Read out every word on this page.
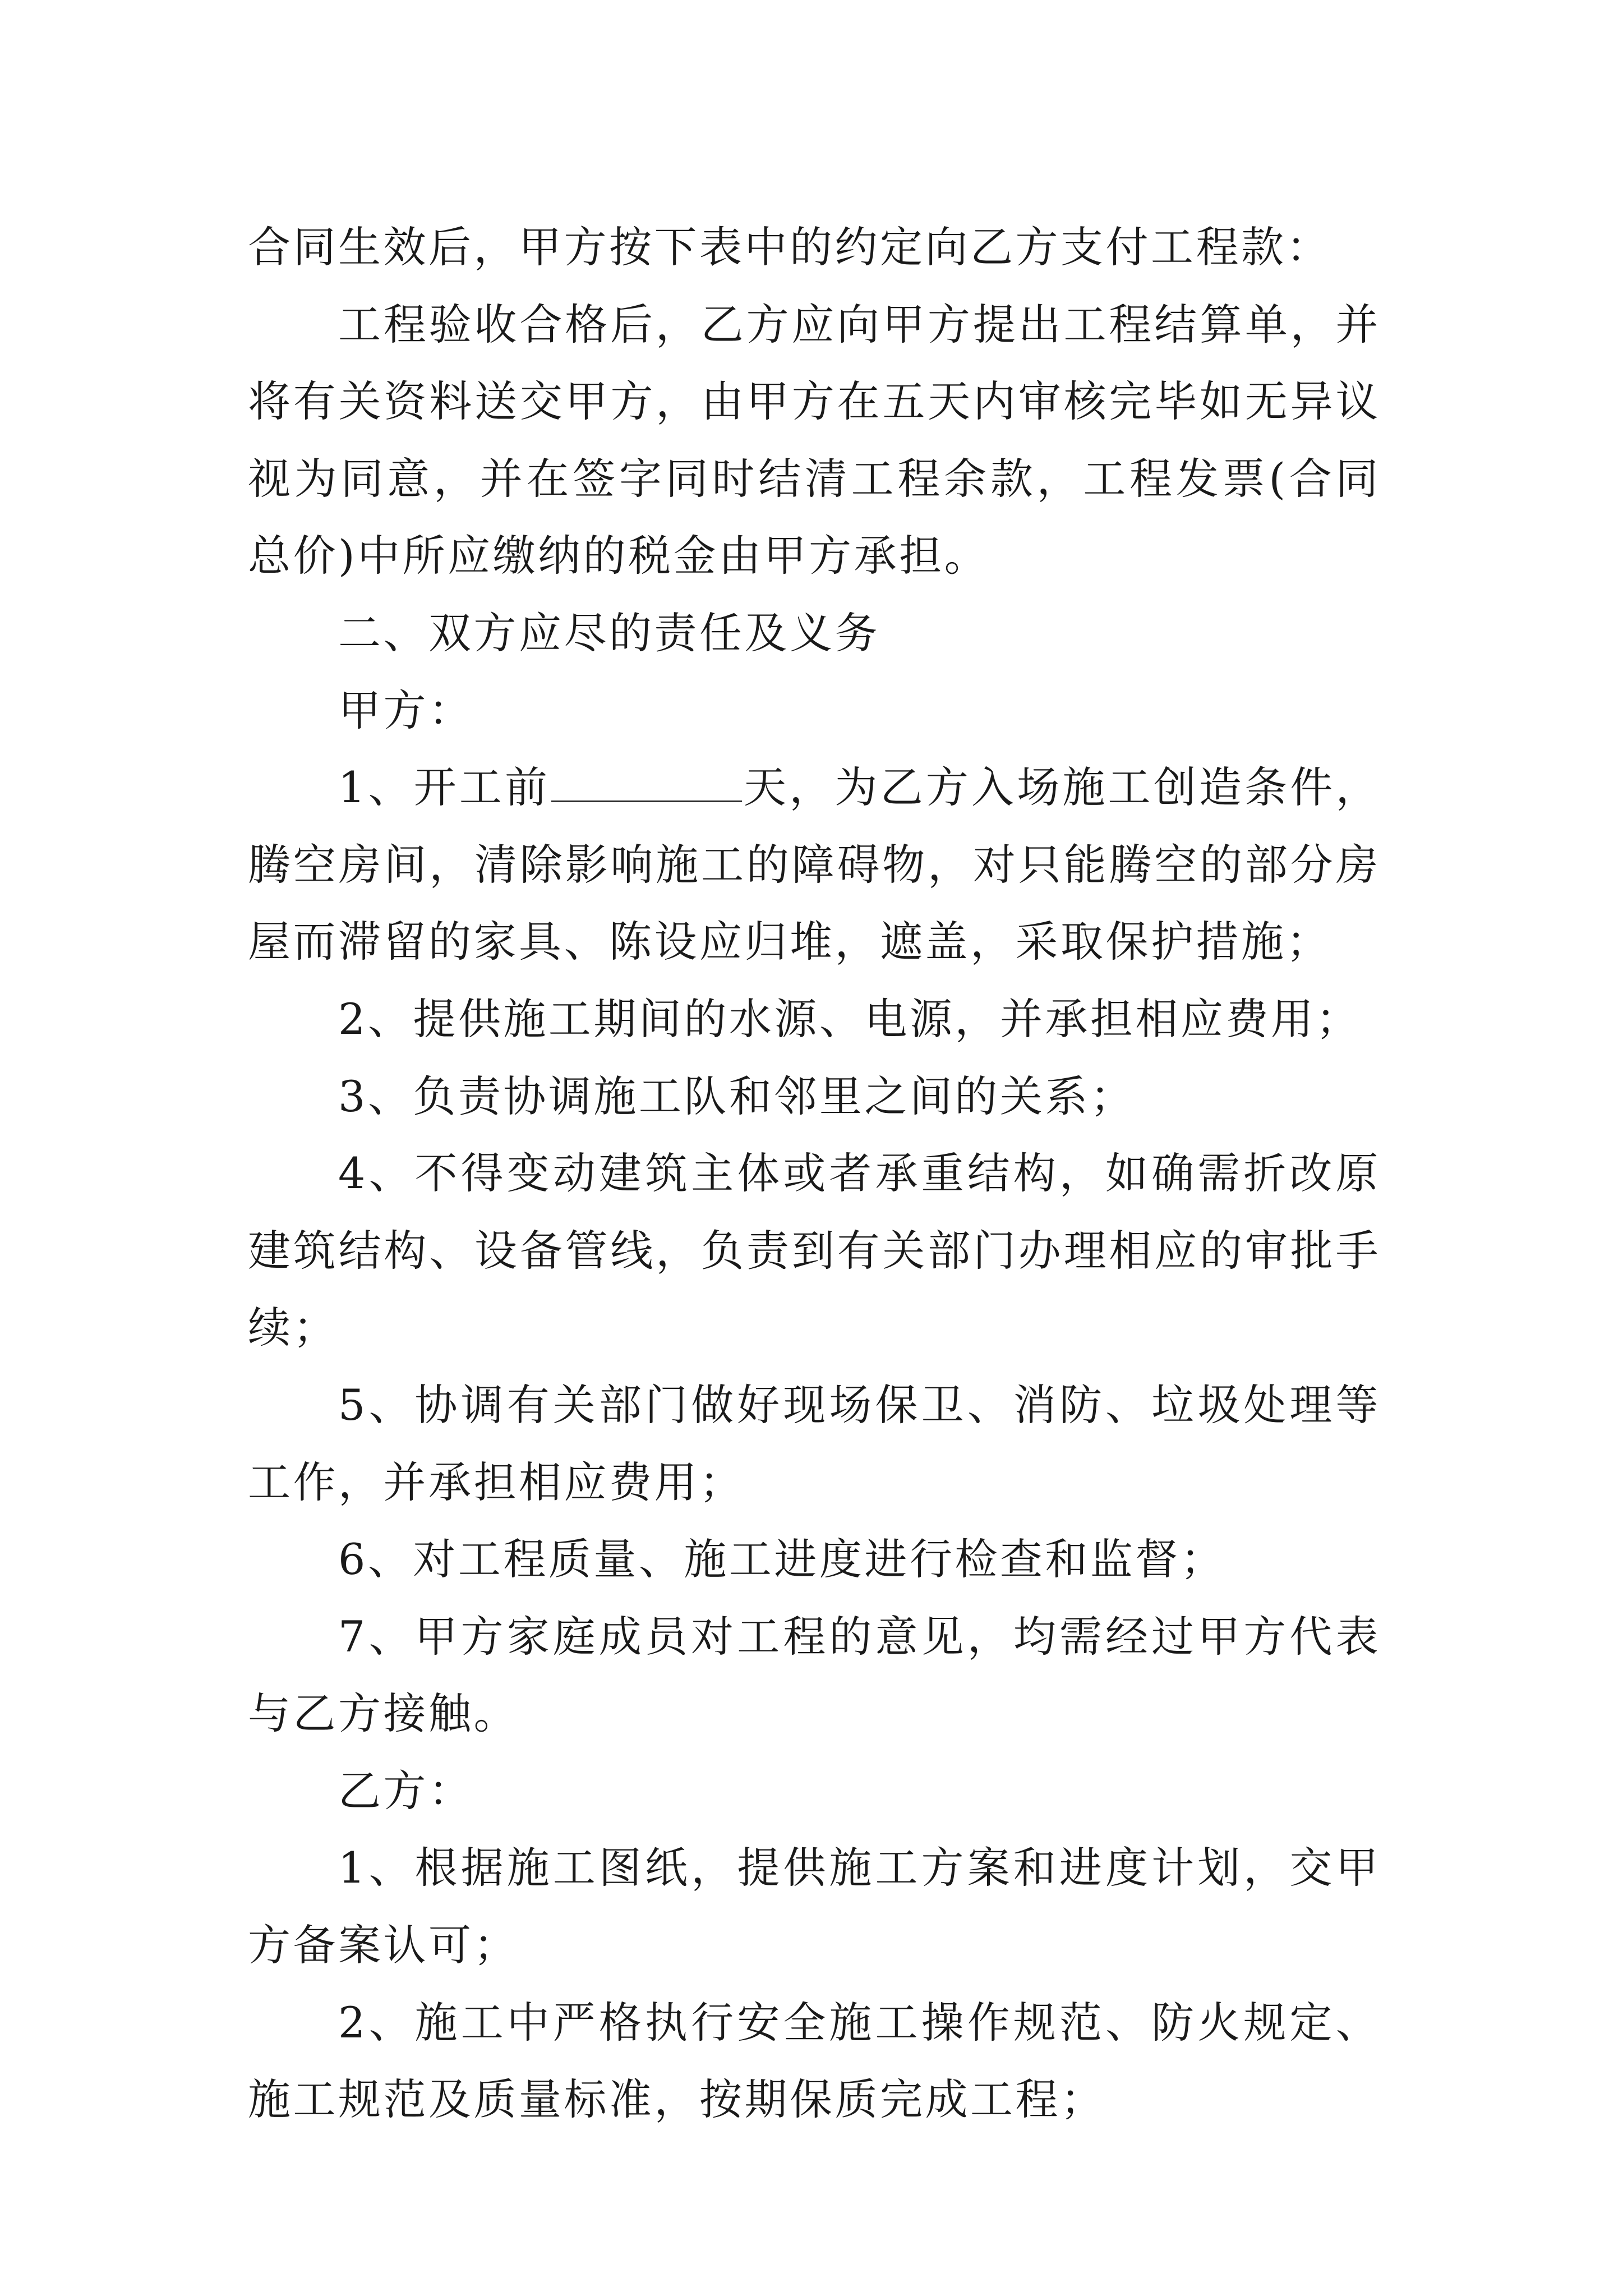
合同生效后，甲方按下表中的约定向乙方支付工程款：

工程验收合格后，乙方应向甲方提出工程结算单，并将有关资料送交甲方，由甲方在五天内审核完毕如无异议视为同意，并在签字同时结清工程余款，工程发票(合同总价)中所应缴纳的税金由甲方承担。

二、双方应尽的责任及义务

甲方：

1、开工前	天，为乙方入场施工创造条件，腾空房间，清除影响施工的障碍物，对只能腾空的部分房屋而滞留的家具、陈设应归堆，遮盖，采取保护措施；

2、提供施工期间的水源、电源，并承担相应费用；

3、负责协调施工队和邻里之间的关系；

4、不得变动建筑主体或者承重结构，如确需折改原建筑结构、设备管线，负责到有关部门办理相应的审批手续；

5、协调有关部门做好现场保卫、消防、垃圾处理等工作，并承担相应费用；

6、对工程质量、施工进度进行检查和监督；

7、甲方家庭成员对工程的意见，均需经过甲方代表与乙方接触。

乙方：

1、根据施工图纸，提供施工方案和进度计划，交甲方备案认可；

2、施工中严格执行安全施工操作规范、防火规定、施工规范及质量标准，按期保质完成工程；
